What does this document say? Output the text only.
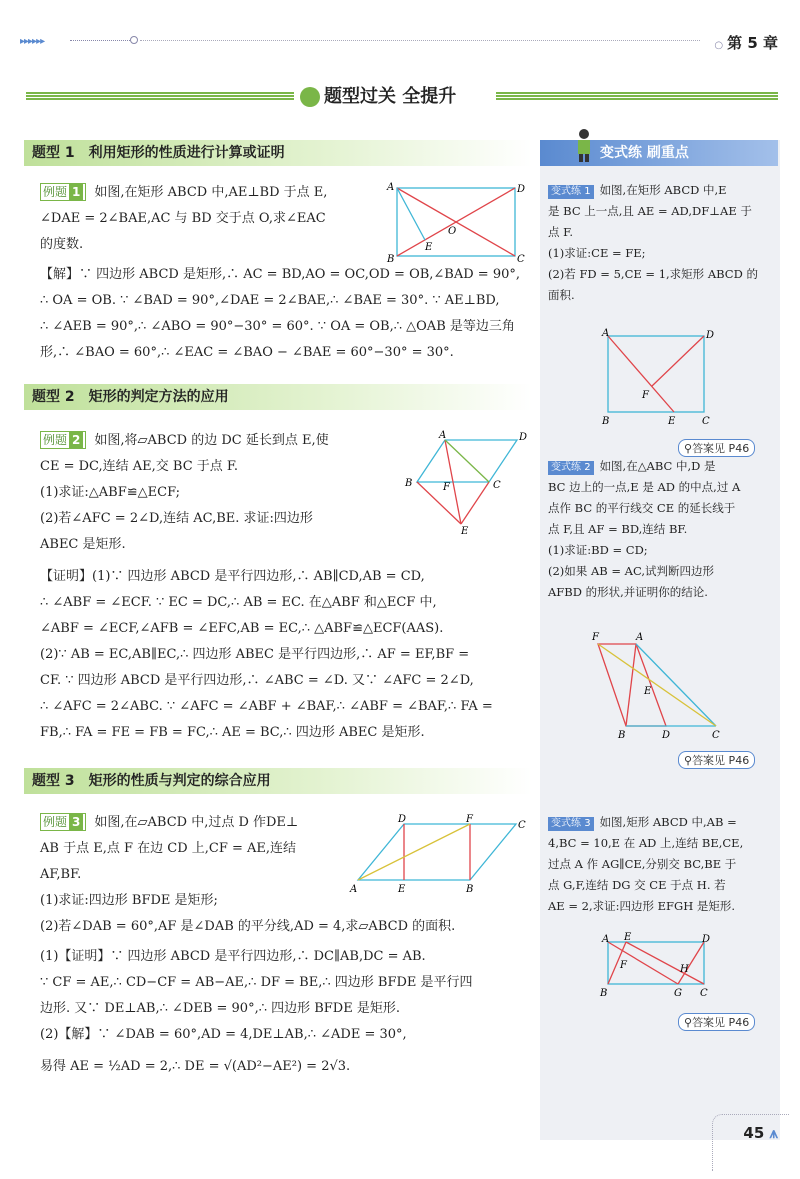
▸▸▸▸▸▸	○ 第 5 章
题型过关 全提升
变式练 刷重点
题型 1 利用矩形的性质进行计算或证明
例题 1 如图,在矩形 ABCD 中,AE⊥BD 于点 E,
∠DAE = 2∠BAE,AC 与 BD 交于点 O,求∠EAC
的度数.
A	D
B	C
O
E
【解】∵ 四边形 ABCD 是矩形,∴ AC = BD,AO = OC,OD = OB,∠BAD = 90°,
∴ OA = OB. ∵ ∠BAD = 90°,∠DAE = 2∠BAE,∴ ∠BAE = 30°. ∵ AE⊥BD,
∴ ∠AEB = 90°,∴ ∠ABO = 90°−30° = 60°. ∵ OA = OB,∴ △OAB 是等边三角
形,∴ ∠BAO = 60°,∴ ∠EAC = ∠BAO − ∠BAE = 60°−30° = 30°.
题型 2 矩形的判定方法的应用
例题 2 如图,将▱ABCD 的边 DC 延长到点 E,使
CE = DC,连结 AE,交 BC 于点 F.
(1)求证:△ABF≌△ECF;
(2)若∠AFC = 2∠D,连结 AC,BE. 求证:四边形
ABEC 是矩形.
A	D
B	C
F
E
【证明】(1)∵ 四边形 ABCD 是平行四边形,∴ AB∥CD,AB = CD,
∴ ∠ABF = ∠ECF. ∵ EC = DC,∴ AB = EC. 在△ABF 和△ECF 中,
∠ABF = ∠ECF,∠AFB = ∠EFC,AB = EC,∴ △ABF≌△ECF(AAS).
(2)∵ AB = EC,AB∥EC,∴ 四边形 ABEC 是平行四边形,∴ AF = EF,BF =
CF. ∵ 四边形 ABCD 是平行四边形,∴ ∠ABC = ∠D. 又∵ ∠AFC = 2∠D,
∴ ∠AFC = 2∠ABC. ∵ ∠AFC = ∠ABF + ∠BAF,∴ ∠ABF = ∠BAF,∴ FA =
FB,∴ FA = FE = FB = FC,∴ AE = BC,∴ 四边形 ABEC 是矩形.
题型 3 矩形的性质与判定的综合应用
例题 3 如图,在▱ABCD 中,过点 D 作DE⊥
AB 于点 E,点 F 在边 CD 上,CF = AE,连结
AF,BF.
(1)求证:四边形 BFDE 是矩形;
(2)若∠DAB = 60°,AF 是∠DAB 的平分线,AD = 4,求▱ABCD 的面积.
D	F
C
A	E	B
(1)【证明】∵ 四边形 ABCD 是平行四边形,∴ DC∥AB,DC = AB.
∵ CF = AE,∴ CD−CF = AB−AE,∴ DF = BE,∴ 四边形 BFDE 是平行四
边形. 又∵ DE⊥AB,∴ ∠DEB = 90°,∴ 四边形 BFDE 是矩形.
(2)【解】∵ ∠DAB = 60°,AD = 4,DE⊥AB,∴ ∠ADE = 30°,
易得 AE = ½AD = 2,∴ DE = √(AD²−AE²) = 2√3.
变式练 1 如图,在矩形 ABCD 中,E
是 BC 上一点,且 AE = AD,DF⊥AE 于
点 F.
(1)求证:CE = FE;
(2)若 FD = 5,CE = 1,求矩形 ABCD 的
面积.
A	D
F
B	E	C
⚲答案见 P46
变式练 2 如图,在△ABC 中,D 是
BC 边上的一点,E 是 AD 的中点,过 A
点作 BC 的平行线交 CE 的延长线于
点 F,且 AF = BD,连结 BF.
(1)求证:BD = CD;
(2)如果 AB = AC,试判断四边形
AFBD 的形状,并证明你的结论.
F	A
E
B	D	C
⚲答案见 P46
变式练 3 如图,矩形 ABCD 中,AB =
4,BC = 10,E 在 AD 上,连结 BE,CE,
过点 A 作 AG∥CE,分别交 BC,BE 于
点 G,F,连结 DG 交 CE 于点 H. 若
AE = 2,求证:四边形 EFGH 是矩形.
A E	D
F	H
B	G C
⚲答案见 P46
45 ⩚
